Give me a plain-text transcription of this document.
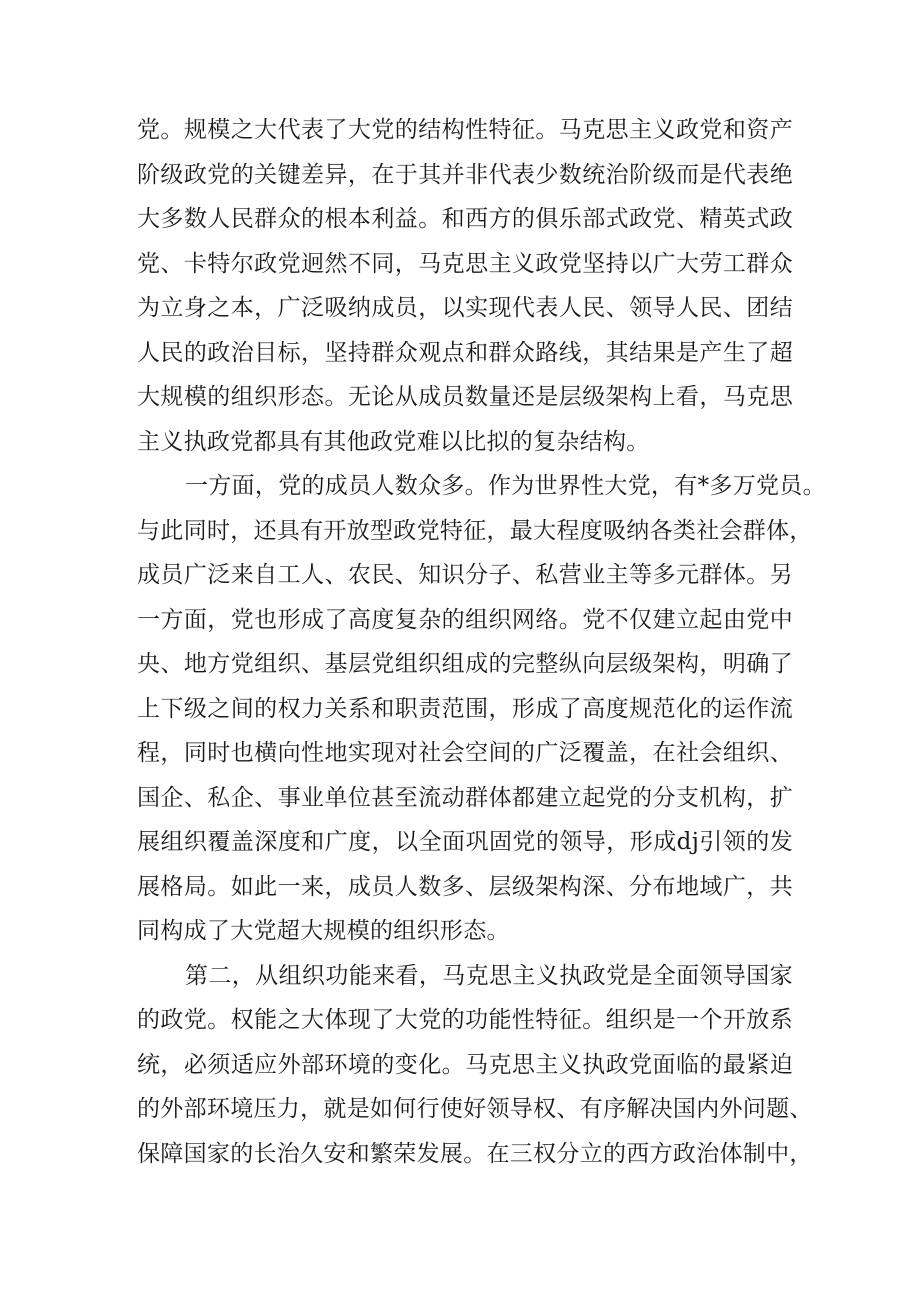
党。规模之大代表了大党的结构性特征。马克思主义政党和资产
阶级政党的关键差异，在于其并非代表少数统治阶级而是代表绝
大多数人民群众的根本利益。和西方的俱乐部式政党、精英式政
党、卡特尔政党迥然不同，马克思主义政党坚持以广大劳工群众
为立身之本，广泛吸纳成员，以实现代表人民、领导人民、团结
人民的政治目标，坚持群众观点和群众路线，其结果是产生了超
大规模的组织形态。无论从成员数量还是层级架构上看，马克思
主义执政党都具有其他政党难以比拟的复杂结构。
一方面，党的成员人数众多。作为世界性大党，有*多万党员。
与此同时，还具有开放型政党特征，最大程度吸纳各类社会群体，
成员广泛来自工人、农民、知识分子、私营业主等多元群体。另
一方面，党也形成了高度复杂的组织网络。党不仅建立起由党中
央、地方党组织、基层党组织组成的完整纵向层级架构，明确了
上下级之间的权力关系和职责范围，形成了高度规范化的运作流
程，同时也横向性地实现对社会空间的广泛覆盖，在社会组织、
国企、私企、事业单位甚至流动群体都建立起党的分支机构，扩
展组织覆盖深度和广度，以全面巩固党的领导，形成dj引领的发
展格局。如此一来，成员人数多、层级架构深、分布地域广，共
同构成了大党超大规模的组织形态。
第二，从组织功能来看，马克思主义执政党是全面领导国家
的政党。权能之大体现了大党的功能性特征。组织是一个开放系
统，必须适应外部环境的变化。马克思主义执政党面临的最紧迫
的外部环境压力，就是如何行使好领导权、有序解决国内外问题、
保障国家的长治久安和繁荣发展。在三权分立的西方政治体制中，
